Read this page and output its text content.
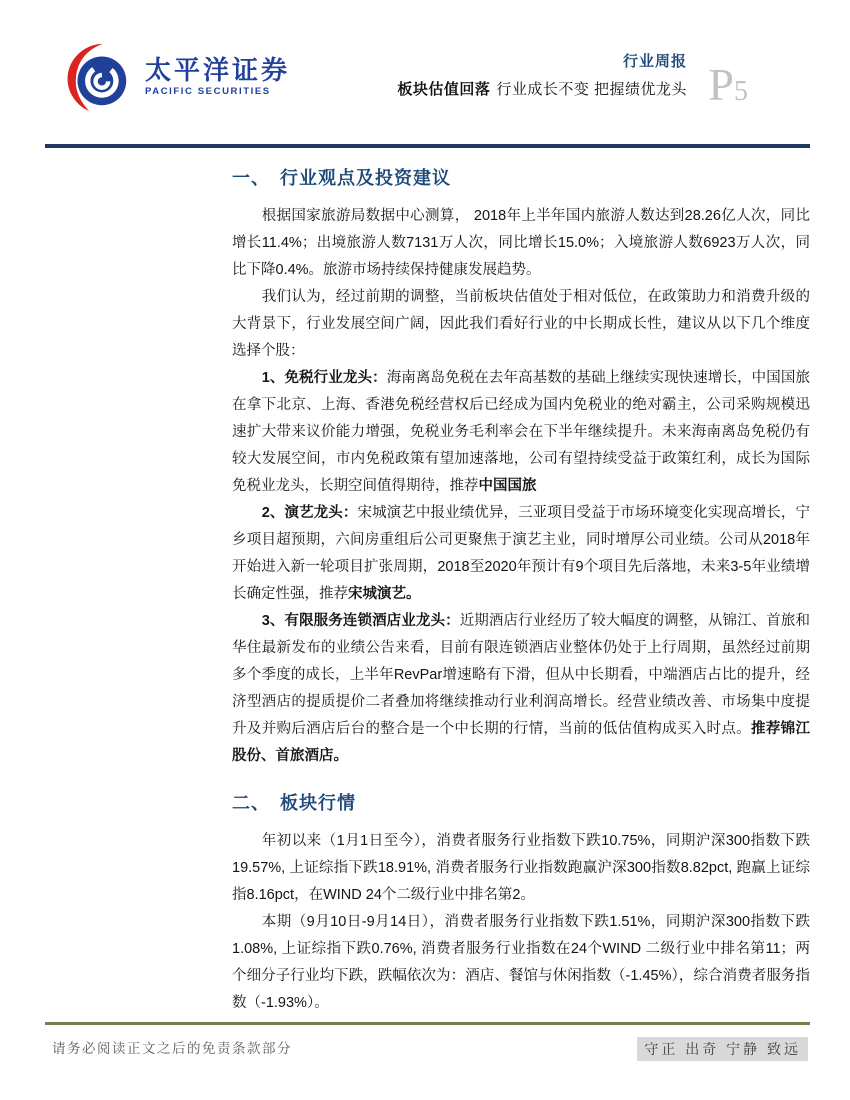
太平洋证券
PACIFIC SECURITIES
行业周报
板块估值回落 行业成长不变 把握绩优龙头 P5
一、　行业观点及投资建议

根据国家旅游局数据中心测算， 2018年上半年国内旅游人数达到28.26亿人次，同比增长11.4%；出境旅游人数7131万人次，同比增长15.0%；入境旅游人数6923万人次，同比下降0.4%。旅游市场持续保持健康发展趋势。

我们认为，经过前期的调整，当前板块估值处于相对低位，在政策助力和消费升级的大背景下，行业发展空间广阔，因此我们看好行业的中长期成长性，建议从以下几个维度选择个股：

1、免税行业龙头：海南离岛免税在去年高基数的基础上继续实现快速增长，中国国旅在拿下北京、上海、香港免税经营权后已经成为国内免税业的绝对霸主，公司采购规模迅速扩大带来议价能力增强，免税业务毛利率会在下半年继续提升。未来海南离岛免税仍有较大发展空间，市内免税政策有望加速落地，公司有望持续受益于政策红利，成长为国际免税业龙头，长期空间值得期待，推荐中国国旅

2、演艺龙头：宋城演艺中报业绩优异，三亚项目受益于市场环境变化实现高增长，宁乡项目超预期，六间房重组后公司更聚焦于演艺主业，同时增厚公司业绩。公司从2018年开始进入新一轮项目扩张周期，2018至2020年预计有9个项目先后落地，未来3-5年业绩增长确定性强，推荐宋城演艺。

3、有限服务连锁酒店业龙头：近期酒店行业经历了较大幅度的调整，从锦江、首旅和华住最新发布的业绩公告来看，目前有限连锁酒店业整体仍处于上行周期，虽然经过前期多个季度的成长，上半年RevPar增速略有下滑，但从中长期看，中端酒店占比的提升，经济型酒店的提质提价二者叠加将继续推动行业利润高增长。经营业绩改善、市场集中度提升及并购后酒店后台的整合是一个中长期的行情，当前的低估值构成买入时点。推荐锦江股份、首旅酒店。

二、　板块行情

年初以来（1月1日至今），消费者服务行业指数下跌10.75%，同期沪深300指数下跌19.57%, 上证综指下跌18.91%, 消费者服务行业指数跑赢沪深300指数8.82pct, 跑赢上证综指8.16pct，在WIND 24个二级行业中排名第2。

本期（9月10日-9月14日），消费者服务行业指数下跌1.51%，同期沪深300指数下跌1.08%, 上证综指下跌0.76%, 消费者服务行业指数在24个WIND 二级行业中排名第11；两个细分子行业均下跌，跌幅依次为：酒店、餐馆与休闲指数（-1.45%），综合消费者服务指数（-1.93%）。

请务必阅读正文之后的免责条款部分	守正 出奇 宁静 致远
